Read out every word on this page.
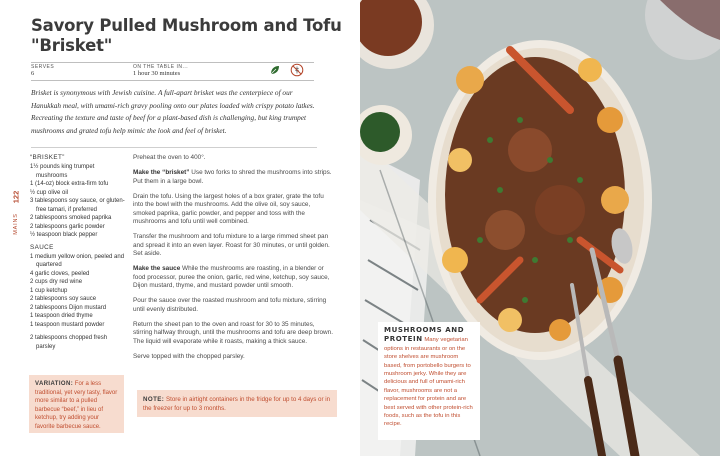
Savory Pulled Mushroom and Tofu "Brisket"
SERVES
6
ON THE TABLE IN...
1 hour 30 minutes
Brisket is synonymous with Jewish cuisine. A full-apart brisket was the centerpiece of our Hanukkah meal, with umami-rich gravy pooling onto our plates loaded with crispy potato latkes. Recreating the texture and taste of beef for a plant-based dish is challenging, but king trumpet mushrooms and grated tofu help mimic the look and feel of brisket.
122
MAINS
“BRISKET”
1½ pounds king trumpet mushrooms
1 (14-oz) block extra-firm tofu
½ cup olive oil
3 tablespoons soy sauce, or gluten-free tamari, if preferred
2 tablespoons smoked paprika
2 tablespoons garlic powder
½ teaspoon black pepper
SAUCE
1 medium yellow onion, peeled and quartered
4 garlic cloves, peeled
2 cups dry red wine
1 cup ketchup
2 tablespoons soy sauce
2 tablespoons Dijon mustard
1 teaspoon dried thyme
1 teaspoon mustard powder
2 tablespoons chopped fresh parsley
VARIATION: For a less traditional, yet very tasty, flavor more similar to a pulled barbecue “beef,” in lieu of ketchup, try adding your favorite barbecue sauce.

Preheat the oven to 400°.

Make the “brisket” Use two forks to shred the mushrooms into strips. Put them in a large bowl.

Drain the tofu. Using the largest holes of a box grater, grate the tofu into the bowl with the mushrooms. Add the olive oil, soy sauce, smoked paprika, garlic powder, and pepper and toss with the mushrooms and tofu until well combined.

Transfer the mushroom and tofu mixture to a large rimmed sheet pan and spread it into an even layer. Roast for 30 minutes, or until golden. Set aside.

Make the sauce While the mushrooms are roasting, in a blender or food processor, puree the onion, garlic, red wine, ketchup, soy sauce, Dijon mustard, thyme, and mustard powder until smooth.

Pour the sauce over the roasted mushroom and tofu mixture, stirring until evenly distributed.

Return the sheet pan to the oven and roast for 30 to 35 minutes, stirring halfway through, until the mushrooms and tofu are deep brown. The liquid will evaporate while it roasts, making a thick sauce.

Serve topped with the chopped parsley.

NOTE: Store in airtight containers in the fridge for up to 4 days or in the freezer for up to 3 months.
MUSHROOMS AND PROTEIN Many vegetarian options in restaurants or on the store shelves are mushroom based, from portobello burgers to mushroom jerky. While they are delicious and full of umami-rich flavor, mushrooms are not a replacement for protein and are best served with other protein-rich foods, such as the tofu in this recipe.
